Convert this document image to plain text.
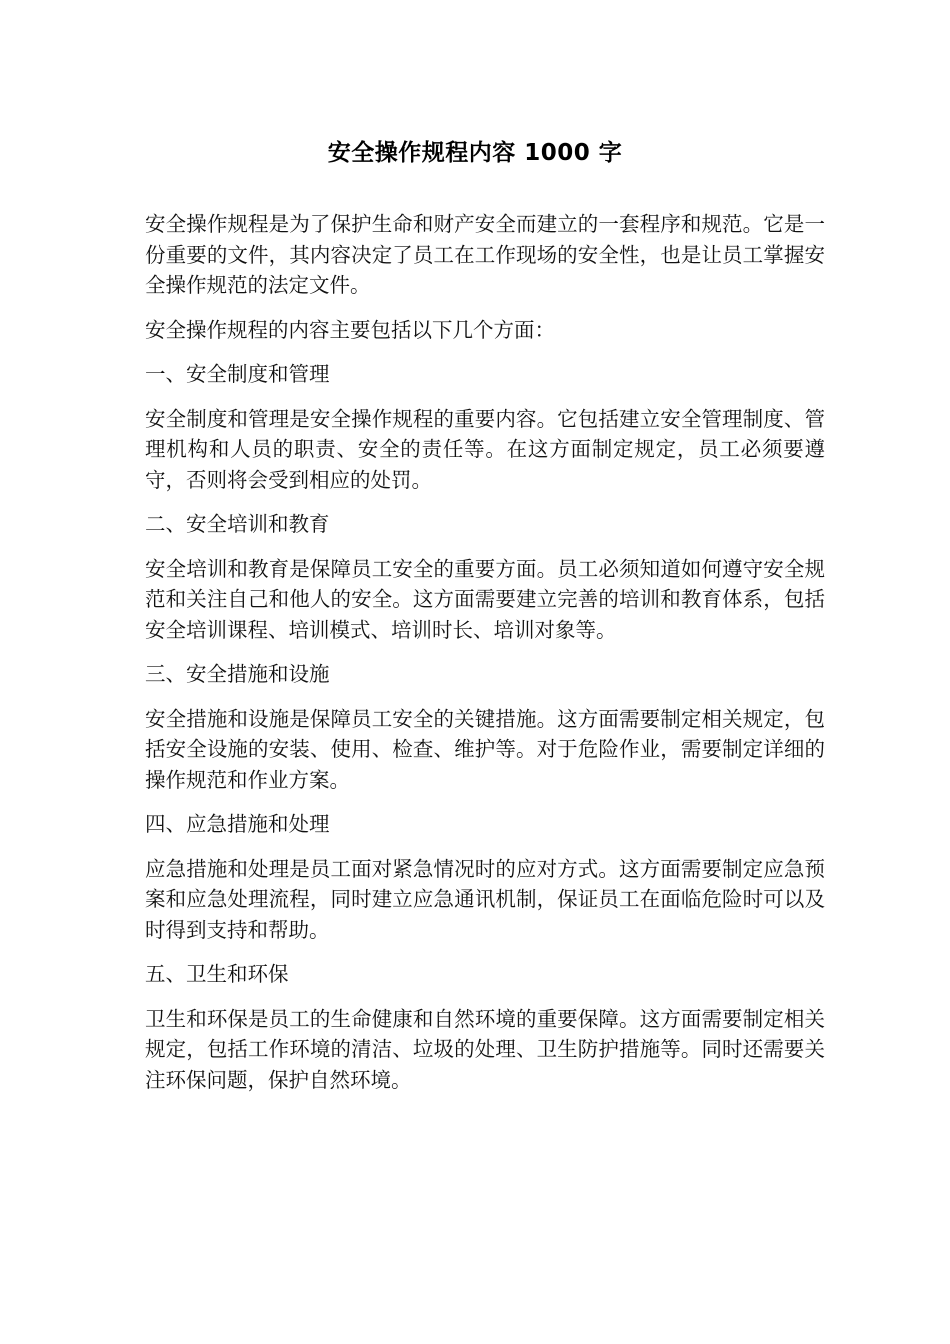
安全操作规程内容 1000 字

安全操作规程是为了保护生命和财产安全而建立的一套程序和规范。它是一份重要的文件，其内容决定了员工在工作现场的安全性，也是让员工掌握安全操作规范的法定文件。

安全操作规程的内容主要包括以下几个方面：

一、安全制度和管理

安全制度和管理是安全操作规程的重要内容。它包括建立安全管理制度、管理机构和人员的职责、安全的责任等。在这方面制定规定，员工必须要遵守，否则将会受到相应的处罚。

二、安全培训和教育

安全培训和教育是保障员工安全的重要方面。员工必须知道如何遵守安全规范和关注自己和他人的安全。这方面需要建立完善的培训和教育体系，包括安全培训课程、培训模式、培训时长、培训对象等。

三、安全措施和设施

安全措施和设施是保障员工安全的关键措施。这方面需要制定相关规定，包括安全设施的安装、使用、检查、维护等。对于危险作业，需要制定详细的操作规范和作业方案。

四、应急措施和处理

应急措施和处理是员工面对紧急情况时的应对方式。这方面需要制定应急预案和应急处理流程，同时建立应急通讯机制，保证员工在面临危险时可以及时得到支持和帮助。

五、卫生和环保

卫生和环保是员工的生命健康和自然环境的重要保障。这方面需要制定相关规定，包括工作环境的清洁、垃圾的处理、卫生防护措施等。同时还需要关注环保问题，保护自然环境。
